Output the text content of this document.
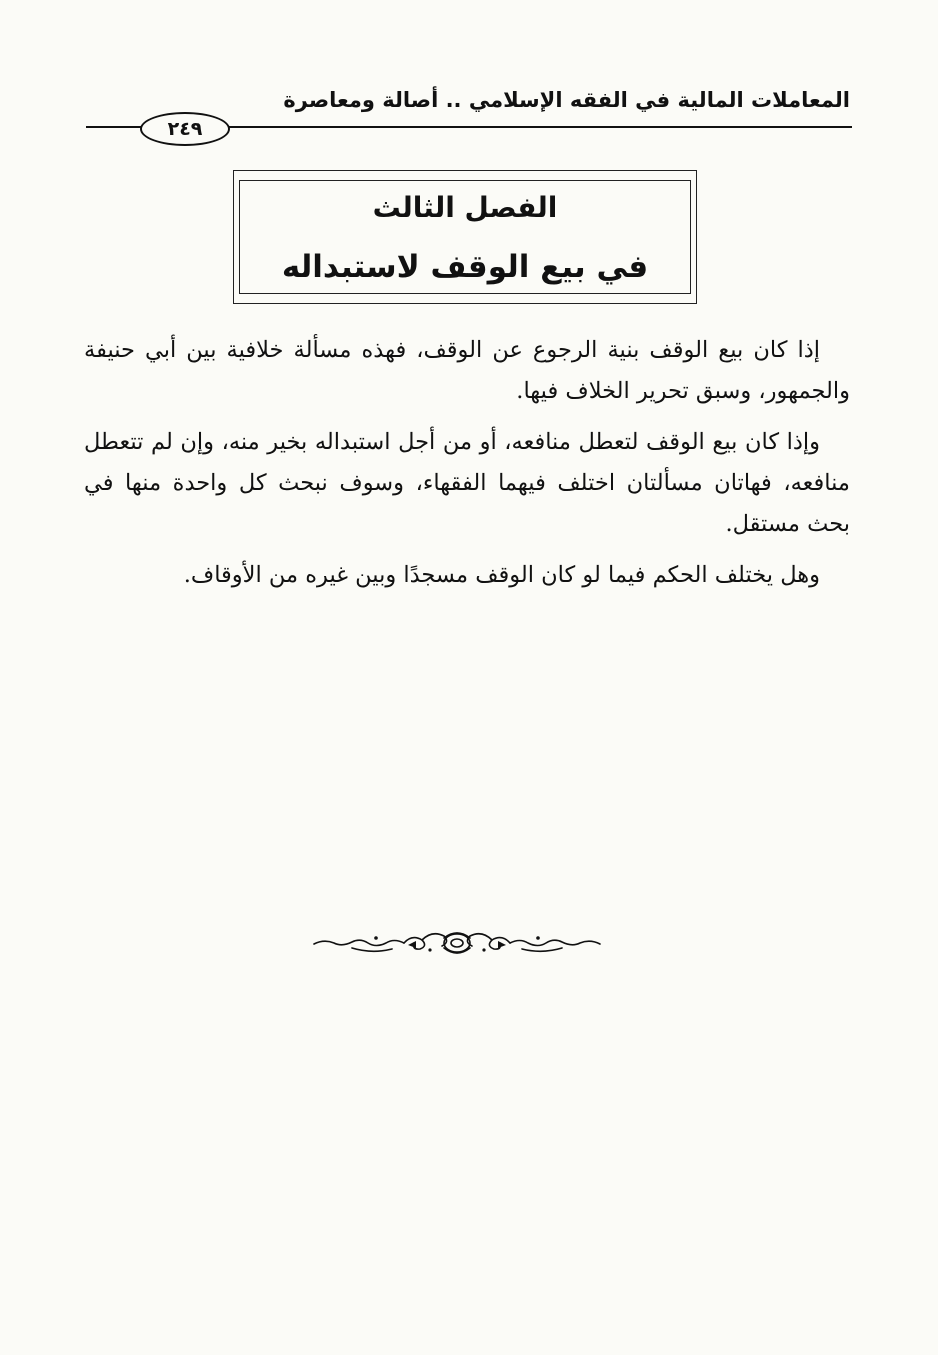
المعاملات المالية في الفقه الإسلامي .. أصالة ومعاصرة
٢٤٩
الفصل الثالث
في بيع الوقف لاستبداله

إذا كان بيع الوقف بنية الرجوع عن الوقف، فهذه مسألة خلافية بين أبي حنيفة والجمهور، وسبق تحرير الخلاف فيها.

وإذا كان بيع الوقف لتعطل منافعه، أو من أجل استبداله بخير منه، وإن لم تتعطل منافعه، فهاتان مسألتان اختلف فيهما الفقهاء، وسوف نبحث كل واحدة منها في بحث مستقل.

وهل يختلف الحكم فيما لو كان الوقف مسجدًا وبين غيره من الأوقاف.
